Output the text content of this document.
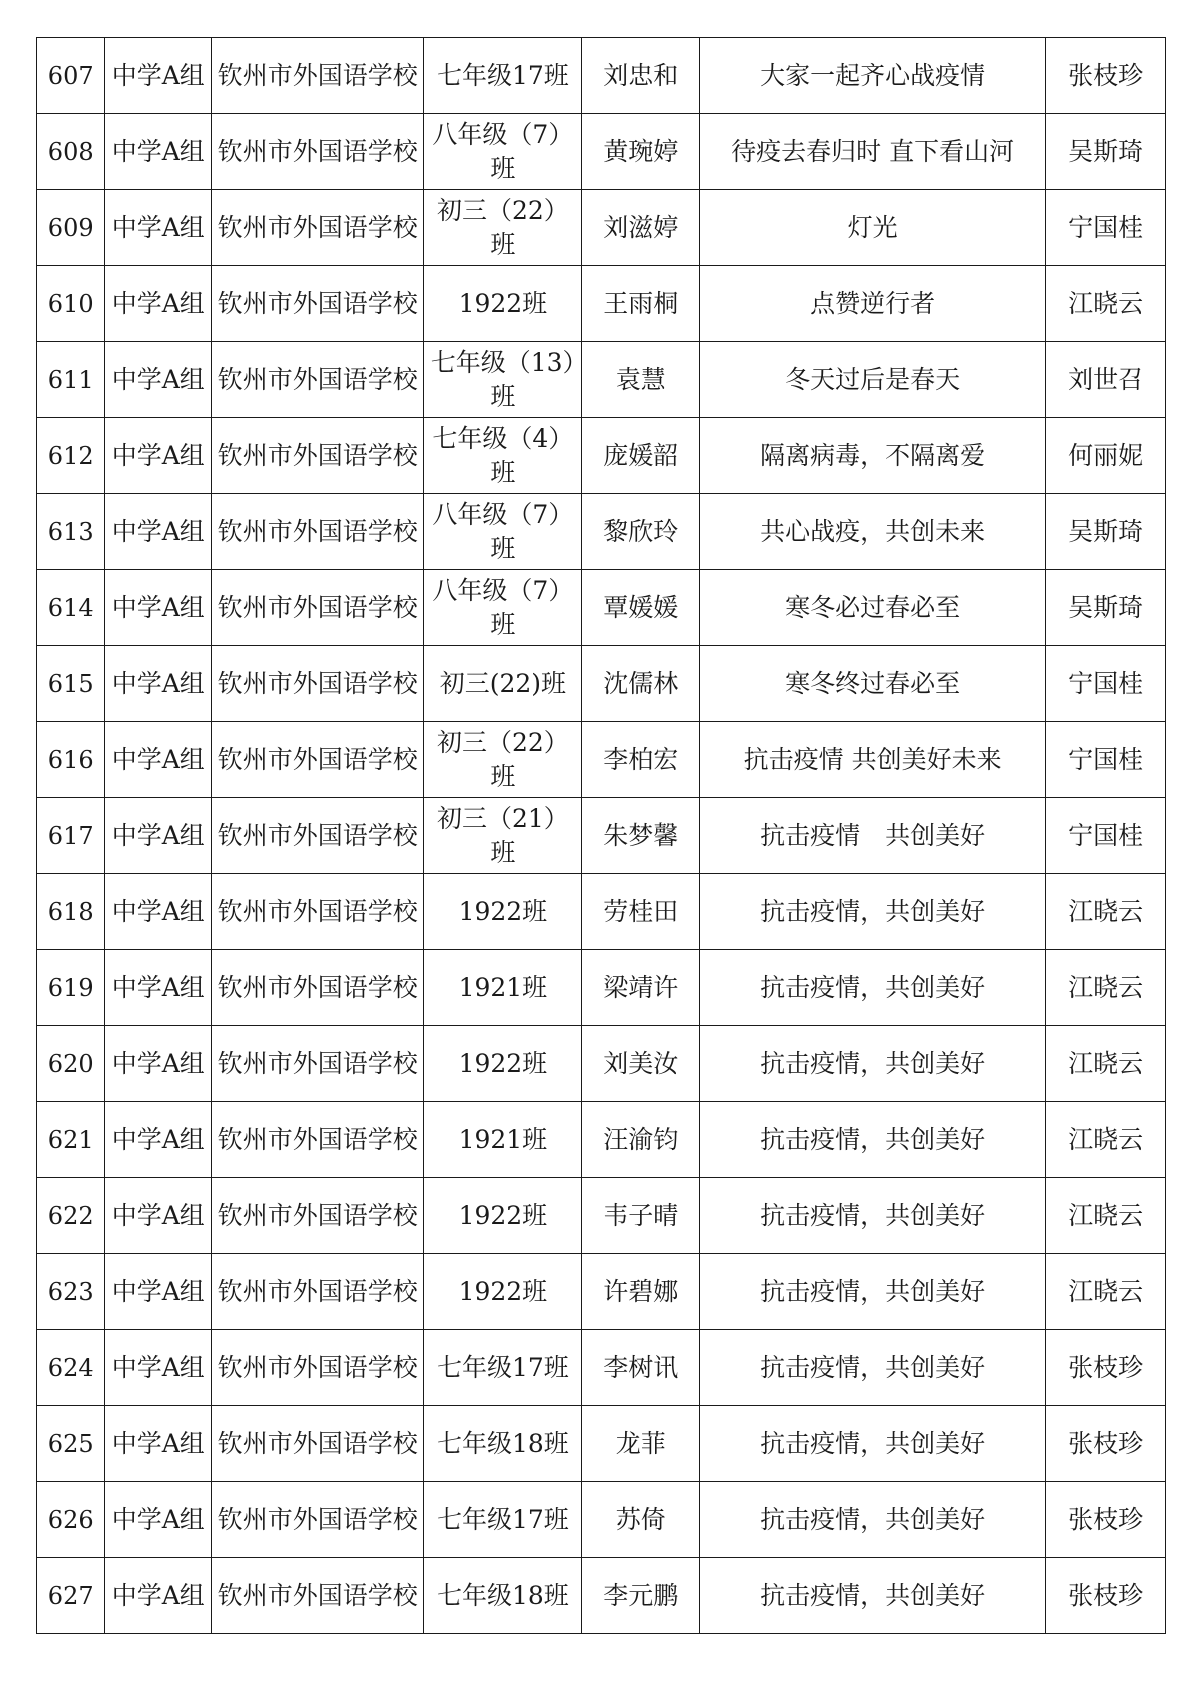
607	中学A组	钦州市外国语学校	七年级17班	刘忠和	大家一起齐心战疫情	张枝珍
608	中学A组	钦州市外国语学校	八年级（7）班	黄琬婷	待疫去春归时 直下看山河	吴斯琦
609	中学A组	钦州市外国语学校	初三（22）班	刘滋婷	灯光	宁国桂
610	中学A组	钦州市外国语学校	1922班	王雨桐	点赞逆行者	江晓云
611	中学A组	钦州市外国语学校	七年级（13）班	袁慧	冬天过后是春天	刘世召
612	中学A组	钦州市外国语学校	七年级（4）班	庞媛韶	隔离病毒，不隔离爱	何丽妮
613	中学A组	钦州市外国语学校	八年级（7）班	黎欣玲	共心战疫，共创未来	吴斯琦
614	中学A组	钦州市外国语学校	八年级（7）班	覃媛媛	寒冬必过春必至	吴斯琦
615	中学A组	钦州市外国语学校	初三(22)班	沈儒林	寒冬终过春必至	宁国桂
616	中学A组	钦州市外国语学校	初三（22）班	李柏宏	抗击疫情 共创美好未来	宁国桂
617	中学A组	钦州市外国语学校	初三（21）班	朱梦馨	抗击疫情　共创美好	宁国桂
618	中学A组	钦州市外国语学校	1922班	劳桂田	抗击疫情，共创美好	江晓云
619	中学A组	钦州市外国语学校	1921班	梁靖许	抗击疫情，共创美好	江晓云
620	中学A组	钦州市外国语学校	1922班	刘美汝	抗击疫情，共创美好	江晓云
621	中学A组	钦州市外国语学校	1921班	汪渝钧	抗击疫情，共创美好	江晓云
622	中学A组	钦州市外国语学校	1922班	韦子晴	抗击疫情，共创美好	江晓云
623	中学A组	钦州市外国语学校	1922班	许碧娜	抗击疫情，共创美好	江晓云
624	中学A组	钦州市外国语学校	七年级17班	李树讯	抗击疫情，共创美好	张枝珍
625	中学A组	钦州市外国语学校	七年级18班	龙菲	抗击疫情，共创美好	张枝珍
626	中学A组	钦州市外国语学校	七年级17班	苏倚	抗击疫情，共创美好	张枝珍
627	中学A组	钦州市外国语学校	七年级18班	李元鹏	抗击疫情，共创美好	张枝珍
